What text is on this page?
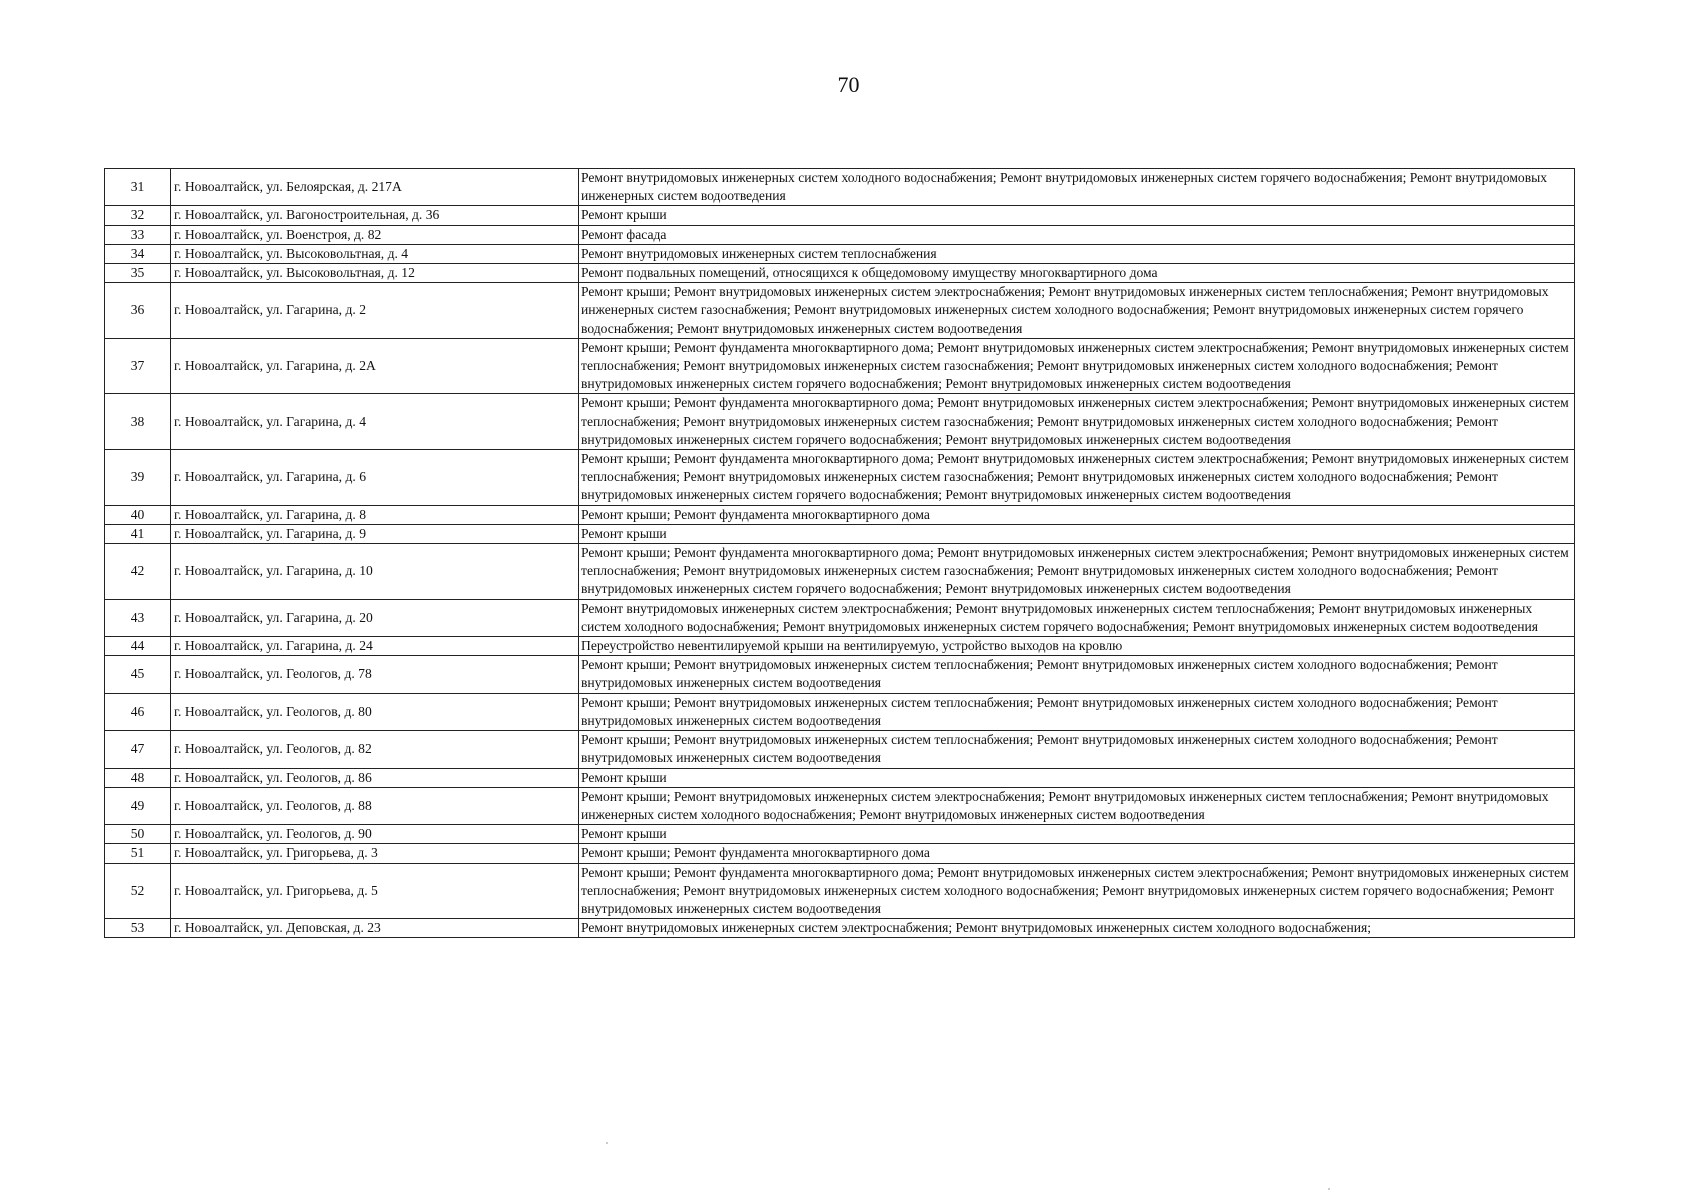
70
31	г. Новоалтайск, ул. Белоярская, д. 217А	Ремонт внутридомовых инженерных систем холодного водоснабжения; Ремонт внутридомовых инженерных систем горячего водоснабжения; Ремонт внутридомовых инженерных систем водоотведения
32	г. Новоалтайск, ул. Вагоностроительная, д. 36	Ремонт крыши
33	г. Новоалтайск, ул. Военстроя, д. 82	Ремонт фасада
34	г. Новоалтайск, ул. Высоковольтная, д. 4	Ремонт внутридомовых инженерных систем теплоснабжения
35	г. Новоалтайск, ул. Высоковольтная, д. 12	Ремонт подвальных помещений, относящихся к общедомовому имуществу многоквартирного дома
36	г. Новоалтайск, ул. Гагарина, д. 2	Ремонт крыши; Ремонт внутридомовых инженерных систем электроснабжения; Ремонт внутридомовых инженерных систем теплоснабжения; Ремонт внутридомовых инженерных систем газоснабжения; Ремонт внутридомовых инженерных систем холодного водоснабжения; Ремонт внутридомовых инженерных систем горячего водоснабжения; Ремонт внутридомовых инженерных систем водоотведения
37	г. Новоалтайск, ул. Гагарина, д. 2А	Ремонт крыши; Ремонт фундамента многоквартирного дома; Ремонт внутридомовых инженерных систем электроснабжения; Ремонт внутридомовых инженерных систем теплоснабжения; Ремонт внутридомовых инженерных систем газоснабжения; Ремонт внутридомовых инженерных систем холодного водоснабжения; Ремонт внутридомовых инженерных систем горячего водоснабжения; Ремонт внутридомовых инженерных систем водоотведения
38	г. Новоалтайск, ул. Гагарина, д. 4	Ремонт крыши; Ремонт фундамента многоквартирного дома; Ремонт внутридомовых инженерных систем электроснабжения; Ремонт внутридомовых инженерных систем теплоснабжения; Ремонт внутридомовых инженерных систем газоснабжения; Ремонт внутридомовых инженерных систем холодного водоснабжения; Ремонт внутридомовых инженерных систем горячего водоснабжения; Ремонт внутридомовых инженерных систем водоотведения
39	г. Новоалтайск, ул. Гагарина, д. 6	Ремонт крыши; Ремонт фундамента многоквартирного дома; Ремонт внутридомовых инженерных систем электроснабжения; Ремонт внутридомовых инженерных систем теплоснабжения; Ремонт внутридомовых инженерных систем газоснабжения; Ремонт внутридомовых инженерных систем холодного водоснабжения; Ремонт внутридомовых инженерных систем горячего водоснабжения; Ремонт внутридомовых инженерных систем водоотведения
40	г. Новоалтайск, ул. Гагарина, д. 8	Ремонт крыши; Ремонт фундамента многоквартирного дома
41	г. Новоалтайск, ул. Гагарина, д. 9	Ремонт крыши
42	г. Новоалтайск, ул. Гагарина, д. 10	Ремонт крыши; Ремонт фундамента многоквартирного дома; Ремонт внутридомовых инженерных систем электроснабжения; Ремонт внутридомовых инженерных систем теплоснабжения; Ремонт внутридомовых инженерных систем газоснабжения; Ремонт внутридомовых инженерных систем холодного водоснабжения; Ремонт внутридомовых инженерных систем горячего водоснабжения; Ремонт внутридомовых инженерных систем водоотведения
43	г. Новоалтайск, ул. Гагарина, д. 20	Ремонт внутридомовых инженерных систем электроснабжения; Ремонт внутридомовых инженерных систем теплоснабжения; Ремонт внутридомовых инженерных систем холодного водоснабжения; Ремонт внутридомовых инженерных систем горячего водоснабжения; Ремонт внутридомовых инженерных систем водоотведения
44	г. Новоалтайск, ул. Гагарина, д. 24	Переустройство невентилируемой крыши на вентилируемую, устройство выходов на кровлю
45	г. Новоалтайск, ул. Геологов, д. 78	Ремонт крыши; Ремонт внутридомовых инженерных систем теплоснабжения; Ремонт внутридомовых инженерных систем холодного водоснабжения; Ремонт внутридомовых инженерных систем водоотведения
46	г. Новоалтайск, ул. Геологов, д. 80	Ремонт крыши; Ремонт внутридомовых инженерных систем теплоснабжения; Ремонт внутридомовых инженерных систем холодного водоснабжения; Ремонт внутридомовых инженерных систем водоотведения
47	г. Новоалтайск, ул. Геологов, д. 82	Ремонт крыши; Ремонт внутридомовых инженерных систем теплоснабжения; Ремонт внутридомовых инженерных систем холодного водоснабжения; Ремонт внутридомовых инженерных систем водоотведения
48	г. Новоалтайск, ул. Геологов, д. 86	Ремонт крыши
49	г. Новоалтайск, ул. Геологов, д. 88	Ремонт крыши; Ремонт внутридомовых инженерных систем электроснабжения; Ремонт внутридомовых инженерных систем теплоснабжения; Ремонт внутридомовых инженерных систем холодного водоснабжения; Ремонт внутридомовых инженерных систем водоотведения
50	г. Новоалтайск, ул. Геологов, д. 90	Ремонт крыши
51	г. Новоалтайск, ул. Григорьева, д. 3	Ремонт крыши; Ремонт фундамента многоквартирного дома
52	г. Новоалтайск, ул. Григорьева, д. 5	Ремонт крыши; Ремонт фундамента многоквартирного дома; Ремонт внутридомовых инженерных систем электроснабжения; Ремонт внутридомовых инженерных систем теплоснабжения; Ремонт внутридомовых инженерных систем холодного водоснабжения; Ремонт внутридомовых инженерных систем горячего водоснабжения; Ремонт внутридомовых инженерных систем водоотведения
53	г. Новоалтайск, ул. Деповская, д. 23	Ремонт внутридомовых инженерных систем электроснабжения; Ремонт внутридомовых инженерных систем холодного водоснабжения;
